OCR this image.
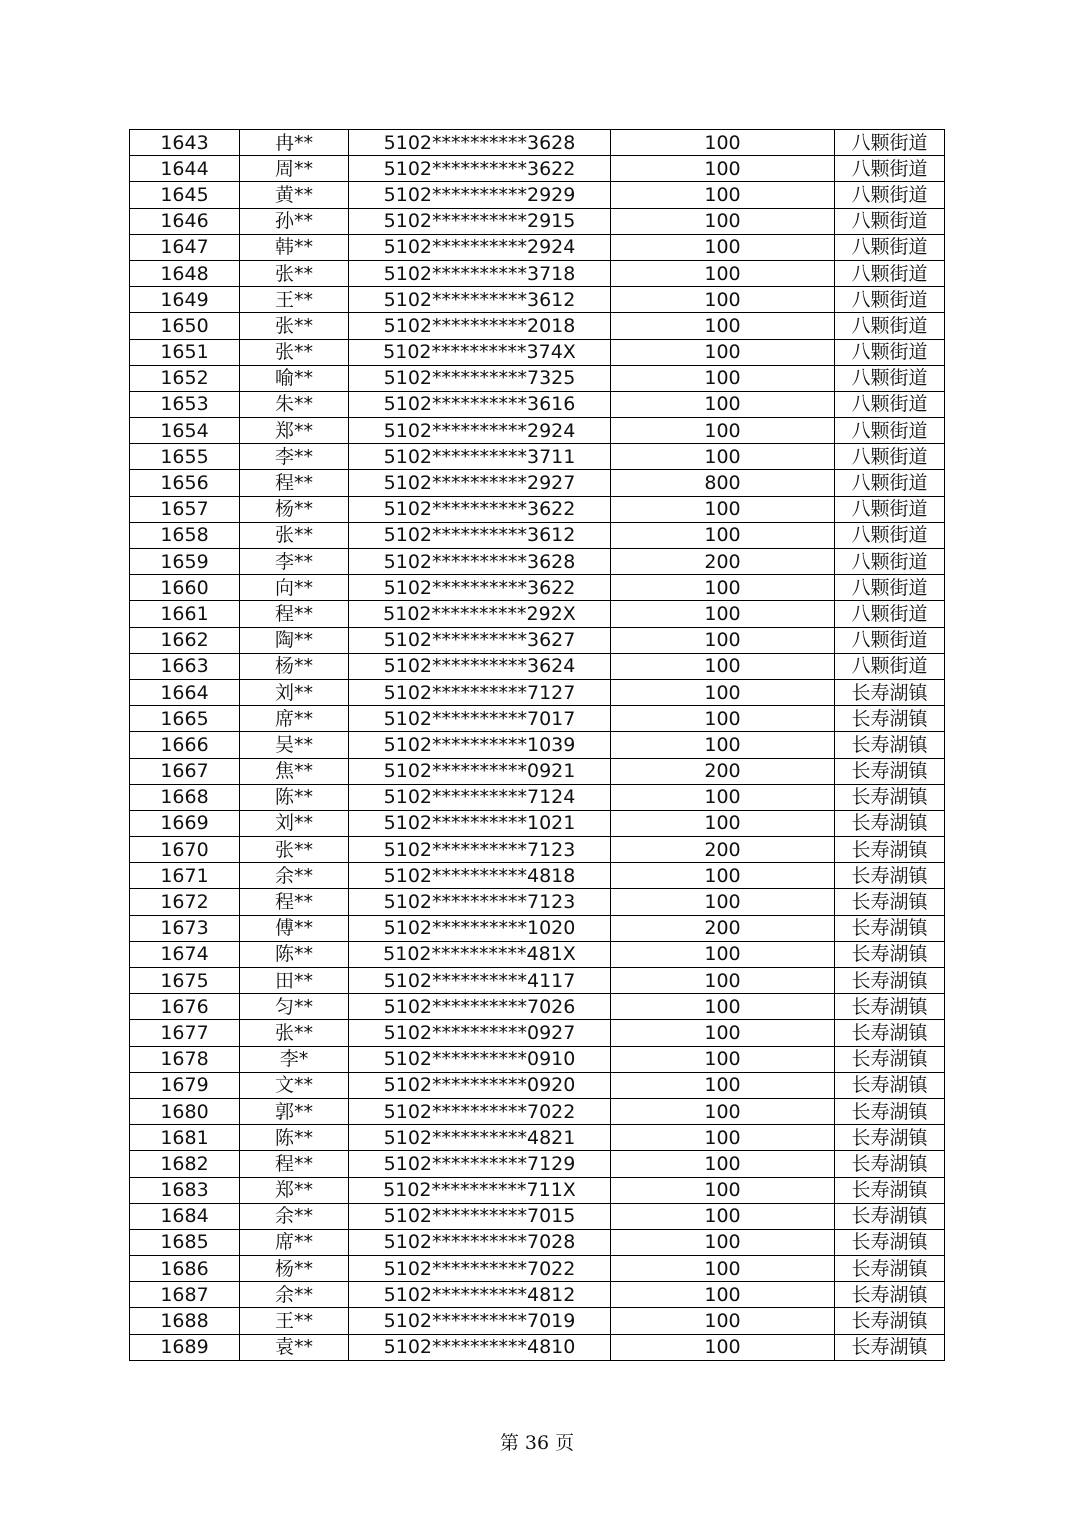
1643	冉**	5102**********3628	100	八颗街道
1644	周**	5102**********3622	100	八颗街道
1645	黄**	5102**********2929	100	八颗街道
1646	孙**	5102**********2915	100	八颗街道
1647	韩**	5102**********2924	100	八颗街道
1648	张**	5102**********3718	100	八颗街道
1649	王**	5102**********3612	100	八颗街道
1650	张**	5102**********2018	100	八颗街道
1651	张**	5102**********374X	100	八颗街道
1652	喻**	5102**********7325	100	八颗街道
1653	朱**	5102**********3616	100	八颗街道
1654	郑**	5102**********2924	100	八颗街道
1655	李**	5102**********3711	100	八颗街道
1656	程**	5102**********2927	800	八颗街道
1657	杨**	5102**********3622	100	八颗街道
1658	张**	5102**********3612	100	八颗街道
1659	李**	5102**********3628	200	八颗街道
1660	向**	5102**********3622	100	八颗街道
1661	程**	5102**********292X	100	八颗街道
1662	陶**	5102**********3627	100	八颗街道
1663	杨**	5102**********3624	100	八颗街道
1664	刘**	5102**********7127	100	长寿湖镇
1665	席**	5102**********7017	100	长寿湖镇
1666	吴**	5102**********1039	100	长寿湖镇
1667	焦**	5102**********0921	200	长寿湖镇
1668	陈**	5102**********7124	100	长寿湖镇
1669	刘**	5102**********1021	100	长寿湖镇
1670	张**	5102**********7123	200	长寿湖镇
1671	余**	5102**********4818	100	长寿湖镇
1672	程**	5102**********7123	100	长寿湖镇
1673	傅**	5102**********1020	200	长寿湖镇
1674	陈**	5102**********481X	100	长寿湖镇
1675	田**	5102**********4117	100	长寿湖镇
1676	匀**	5102**********7026	100	长寿湖镇
1677	张**	5102**********0927	100	长寿湖镇
1678	李*	5102**********0910	100	长寿湖镇
1679	文**	5102**********0920	100	长寿湖镇
1680	郭**	5102**********7022	100	长寿湖镇
1681	陈**	5102**********4821	100	长寿湖镇
1682	程**	5102**********7129	100	长寿湖镇
1683	郑**	5102**********711X	100	长寿湖镇
1684	余**	5102**********7015	100	长寿湖镇
1685	席**	5102**********7028	100	长寿湖镇
1686	杨**	5102**********7022	100	长寿湖镇
1687	余**	5102**********4812	100	长寿湖镇
1688	王**	5102**********7019	100	长寿湖镇
1689	袁**	5102**********4810	100	长寿湖镇
第 36 页
